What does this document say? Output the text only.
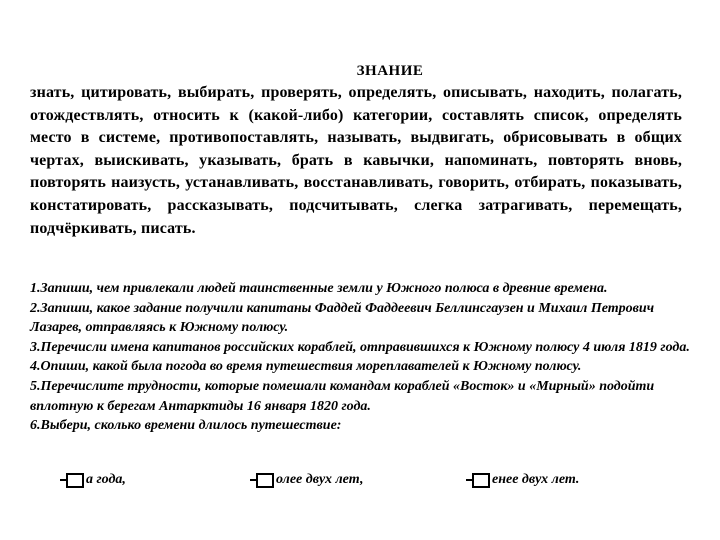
ЗНАНИЕ
знать, цитировать, выбирать, проверять, определять, описывать, находить, полагать, отождествлять, относить к (какой-либо) категории, составлять список, определять место в системе, противопоставлять, называть, выдвигать, обрисовывать в общих чертах, выискивать, указывать, брать в кавычки, напоминать, повторять вновь, повторять наизусть, устанавливать, восстанавливать, говорить, отбирать, показывать, констатировать, рассказывать, подсчитывать, слегка затрагивать, перемещать, подчёркивать, писать.

1.Запиши, чем привлекали людей таинственные земли у Южного полюса в древние времена.

2.Запиши, какое задание получили капитаны Фаддей Фаддеевич Беллинсгаузен и Михаил Петрович Лазарев, отправляясь к Южному полюсу.

3.Перечисли имена капитанов российских кораблей, отправившихся к Южному полюсу 4 июля 1819 года.

4.Опиши, какой была погода во время путешествия мореплавателей к Южному полюсу.

5.Перечислите трудности, которые помешали командам кораблей «Восток» и «Мирный» подойти вплотную к берегам Антарктиды 16 января 1820 года.

6.Выбери, сколько времени длилось путешествие:

а года,	олее двух лет,	енее двух лет.
